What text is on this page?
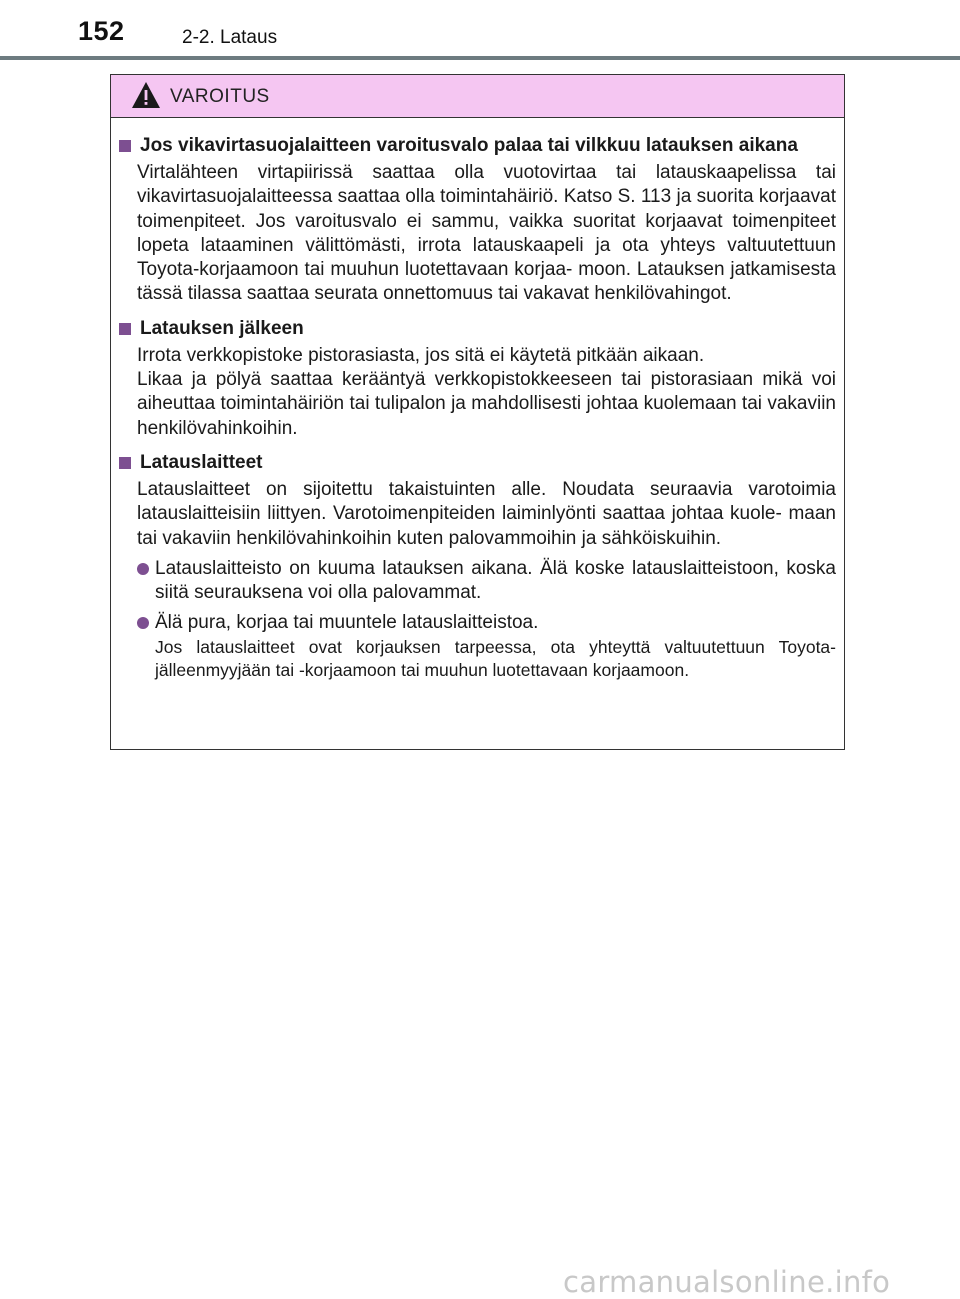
152	2-2. Lataus
VAROITUS
Jos vikavirtasuojalaitteen varoitusvalo palaa tai vilkkuu latauksen aikana

Virtalähteen virtapiirissä saattaa olla vuotovirtaa tai latauskaapelissa tai vikavirtasuojalaitteessa saattaa olla toimintahäiriö. Katso S. 113 ja suorita korjaavat toimenpiteet. Jos varoitusvalo ei sammu, vaikka suoritat korjaavat toimenpiteet lopeta lataaminen välittömästi, irrota latauskaapeli ja ota yhteys valtuutettuun Toyota-korjaamoon tai muuhun luotettavaan korjaa- moon. Latauksen jatkamisesta tässä tilassa saattaa seurata onnettomuus tai vakavat henkilövahingot.

Latauksen jälkeen

Irrota verkkopistoke pistorasiasta, jos sitä ei käytetä pitkään aikaan.

Likaa ja pölyä saattaa kerääntyä verkkopistokkeeseen tai pistorasiaan mikä voi aiheuttaa toimintahäiriön tai tulipalon ja mahdollisesti johtaa kuolemaan tai vakaviin henkilövahinkoihin.

Latauslaitteet

Latauslaitteet on sijoitettu takaistuinten alle. Noudata seuraavia varotoimia latauslaitteisiin liittyen. Varotoimenpiteiden laiminlyönti saattaa johtaa kuole- maan tai vakaviin henkilövahinkoihin kuten palovammoihin ja sähköiskuihin.

Latauslaitteisto on kuuma latauksen aikana. Älä koske latauslaitteistoon, koska siitä seurauksena voi olla palovammat.

Älä pura, korjaa tai muuntele latauslaitteistoa.

Jos latauslaitteet ovat korjauksen tarpeessa, ota yhteyttä valtuutettuun Toyota-jälleenmyyjään tai -korjaamoon tai muuhun luotettavaan korjaamoon.

carmanualsonline.info
